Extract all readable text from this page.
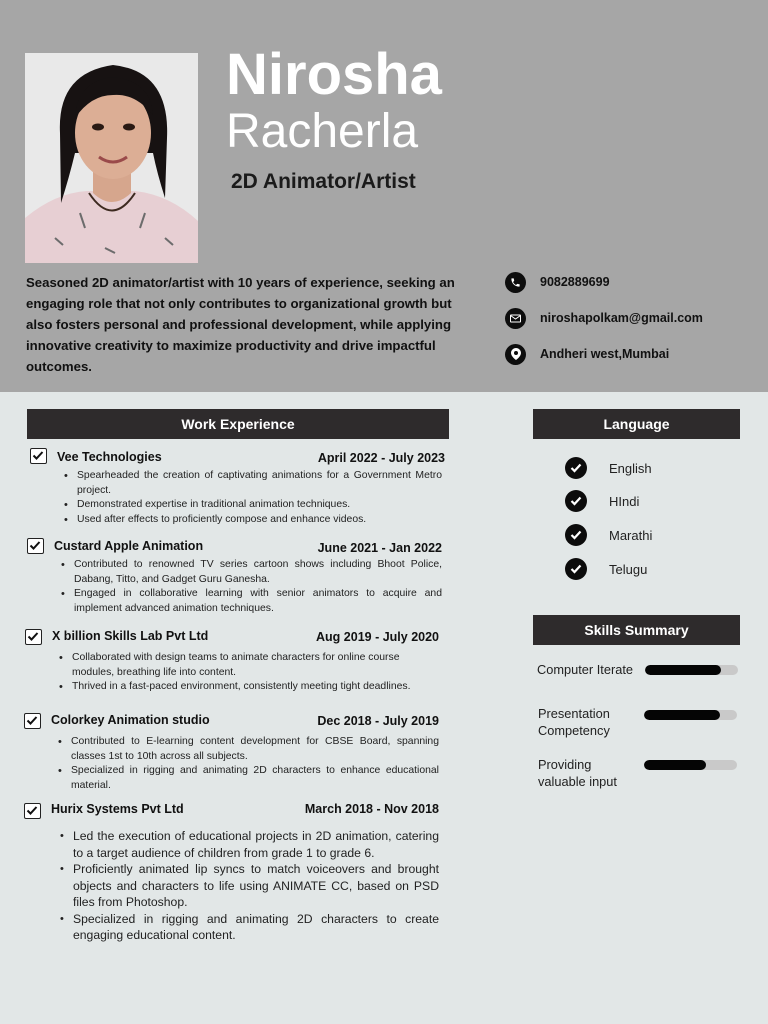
Nirosha
Racherla
2D Animator/Artist
Seasoned 2D animator/artist with 10 years of experience, seeking an engaging role that not only contributes to organizational growth but also fosters personal and professional development, while applying innovative creativity to maximize productivity and drive impactful outcomes.
9082889699
niroshapolkam@gmail.com
Andheri west,Mumbai
Work Experience
Vee Technologies	April 2022 - July 2023
• Spearheaded the creation of captivating animations for a Government Metro project.
• Demonstrated expertise in traditional animation techniques.
• Used after effects to proficiently compose and enhance videos.
Custard Apple Animation	June 2021 - Jan 2022
• Contributed to renowned TV series cartoon shows including Bhoot Police, Dabang, Titto, and Gadget Guru Ganesha.
• Engaged in collaborative learning with senior animators to acquire and implement advanced animation techniques.
X billion Skills Lab Pvt Ltd	Aug 2019 - July 2020
• Collaborated with design teams to animate characters for online course modules, breathing life into content.
• Thrived in a fast-paced environment, consistently meeting tight deadlines.
Colorkey Animation studio	Dec 2018 - July 2019
• Contributed to E-learning content development for CBSE Board, spanning classes 1st to 10th across all subjects.
• Specialized in rigging and animating 2D characters to enhance educational material.
Hurix Systems Pvt Ltd	March 2018 - Nov 2018
• Led the execution of educational projects in 2D animation, catering to a target audience of children from grade 1 to grade 6.
• Proficiently animated lip syncs to match voiceovers and brought objects and characters to life using ANIMATE CC, based on PSD files from Photoshop.
• Specialized in rigging and animating 2D characters to create engaging educational content.
Language
English
HIndi
Marathi
Telugu
Skills Summary
Computer Iterate
Presentation Competency
Providing valuable input
